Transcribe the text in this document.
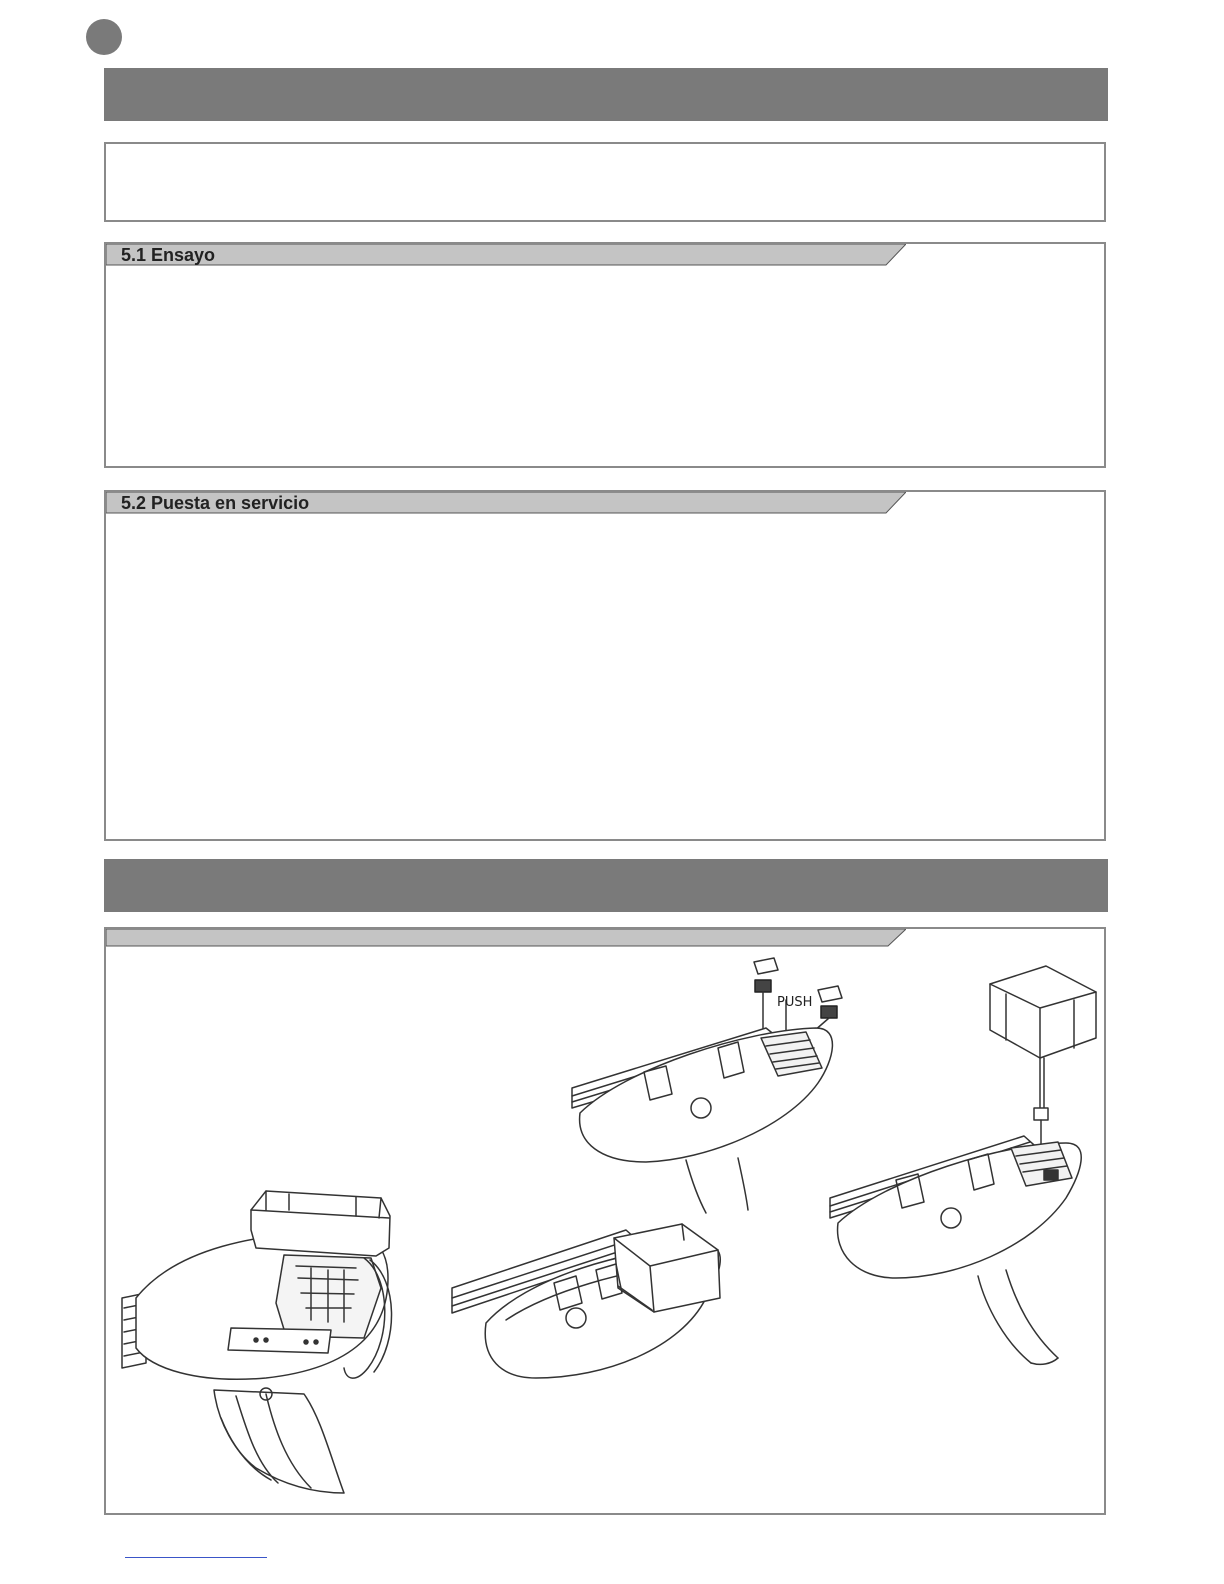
5.1 Ensayo
5.2 Puesta en servicio
PUSH
